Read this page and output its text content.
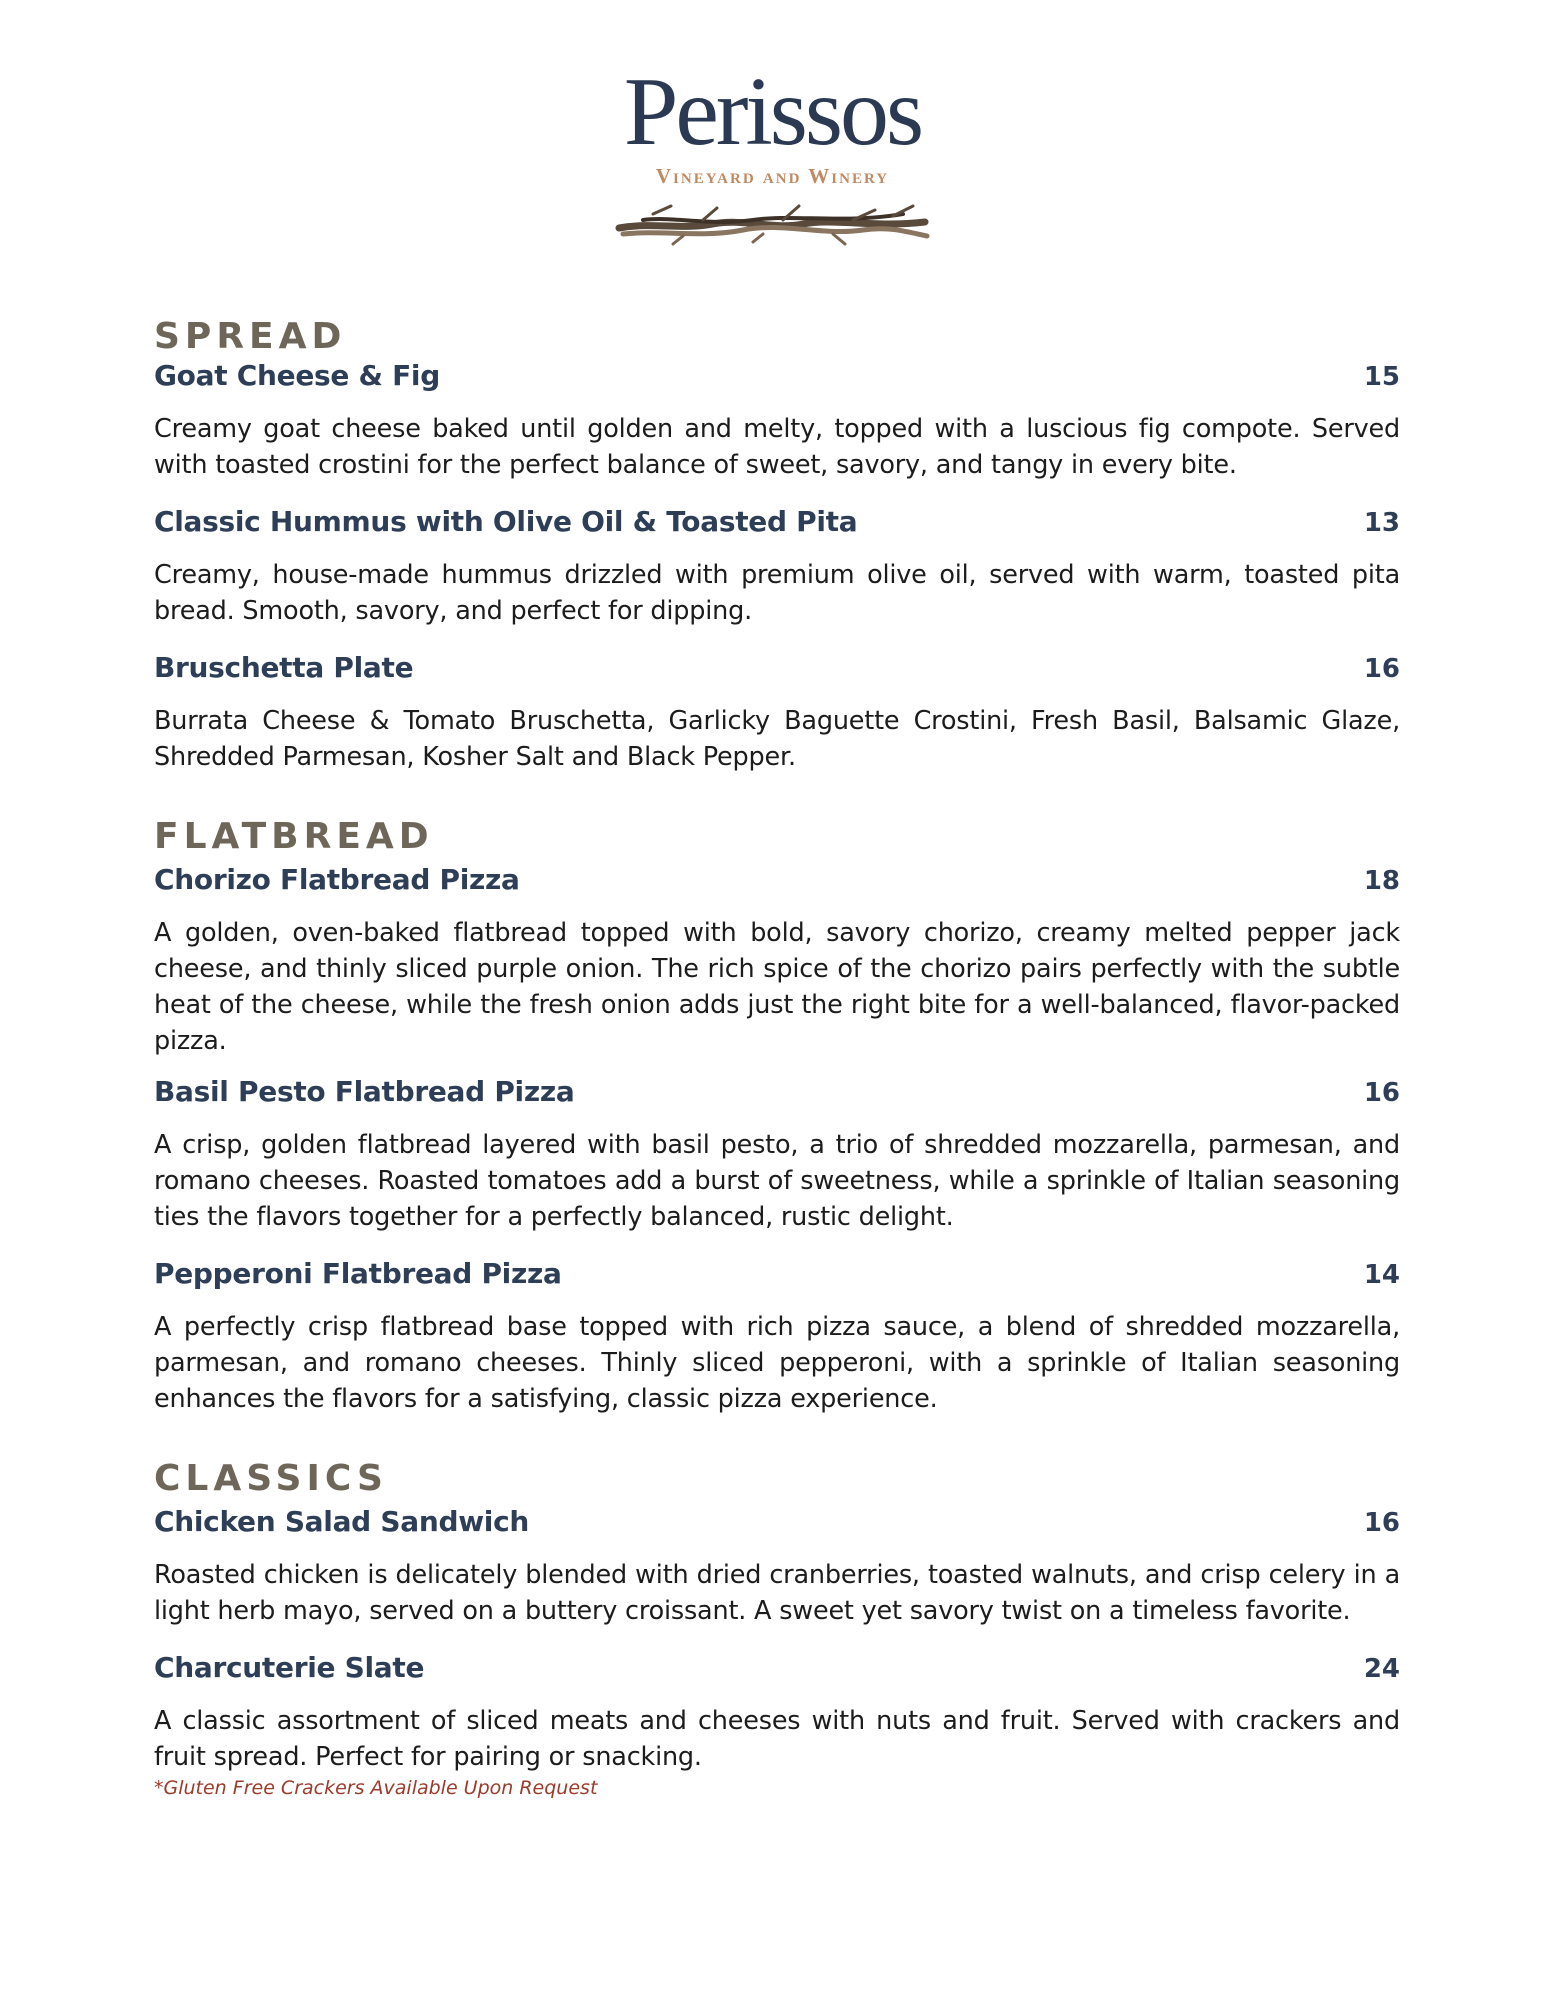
Perissos
Vineyard and Winery
SPREAD
Goat Cheese & Fig	15
Creamy goat cheese baked until golden and melty, topped with a luscious fig compote. Served with toasted crostini for the perfect balance of sweet, savory, and tangy in every bite.
Classic Hummus with Olive Oil & Toasted Pita	13
Creamy, house-made hummus drizzled with premium olive oil, served with warm, toasted pita bread. Smooth, savory, and perfect for dipping.
Bruschetta Plate	16
Burrata Cheese & Tomato Bruschetta, Garlicky Baguette Crostini, Fresh Basil, Balsamic Glaze, Shredded Parmesan, Kosher Salt and Black Pepper.
FLATBREAD
Chorizo Flatbread Pizza	18
A golden, oven-baked flatbread topped with bold, savory chorizo, creamy melted pepper jack cheese, and thinly sliced purple onion. The rich spice of the chorizo pairs perfectly with the subtle heat of the cheese, while the fresh onion adds just the right bite for a well-balanced, flavor-packed pizza.
Basil Pesto Flatbread Pizza	16
A crisp, golden flatbread layered with basil pesto, a trio of shredded mozzarella, parmesan, and romano cheeses. Roasted tomatoes add a burst of sweetness, while a sprinkle of Italian seasoning ties the flavors together for a perfectly balanced, rustic delight.
Pepperoni Flatbread Pizza	14
A perfectly crisp flatbread base topped with rich pizza sauce, a blend of shredded mozzarella, parmesan, and romano cheeses. Thinly sliced pepperoni, with a sprinkle of Italian seasoning enhances the flavors for a satisfying, classic pizza experience.
CLASSICS
Chicken Salad Sandwich	16
Roasted chicken is delicately blended with dried cranberries, toasted walnuts, and crisp celery in a light herb mayo, served on a buttery croissant. A sweet yet savory twist on a timeless favorite.
Charcuterie Slate	24
A classic assortment of sliced meats and cheeses with nuts and fruit. Served with crackers and fruit spread. Perfect for pairing or snacking.
*Gluten Free Crackers Available Upon Request
